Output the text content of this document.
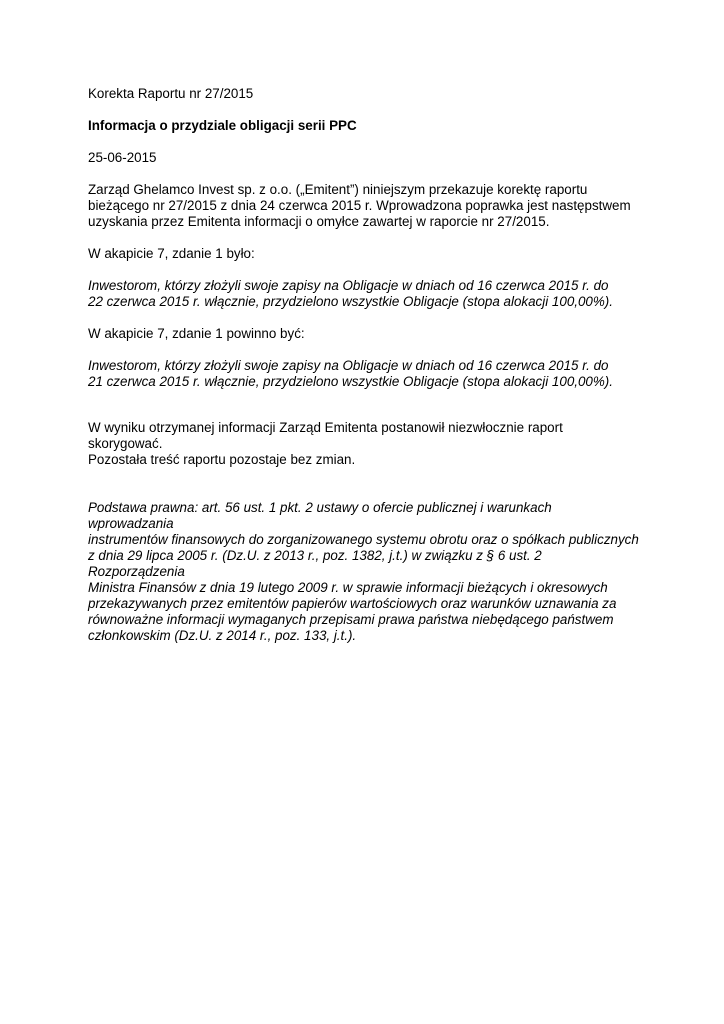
Korekta Raportu nr 27/2015

Informacja o przydziale obligacji serii PPC

25-06-2015

Zarząd Ghelamco Invest sp. z o.o. („Emitent”) niniejszym przekazuje korektę raportu
bieżącego nr 27/2015 z dnia 24 czerwca 2015 r. Wprowadzona poprawka jest następstwem
uzyskania przez Emitenta informacji o omyłce zawartej w raporcie nr 27/2015.

W akapicie 7, zdanie 1 było:

Inwestorom, którzy złożyli swoje zapisy na Obligacje w dniach od 16 czerwca 2015 r. do
22 czerwca 2015 r. włącznie, przydzielono wszystkie Obligacje (stopa alokacji 100,00%).

W akapicie 7, zdanie 1 powinno być:

Inwestorom, którzy złożyli swoje zapisy na Obligacje w dniach od 16 czerwca 2015 r. do
21 czerwca 2015 r. włącznie, przydzielono wszystkie Obligacje (stopa alokacji 100,00%).

W wyniku otrzymanej informacji Zarząd Emitenta postanowił niezwłocznie raport skorygować.
Pozostała treść raportu pozostaje bez zmian.

Podstawa prawna: art. 56 ust. 1 pkt. 2 ustawy o ofercie publicznej i warunkach wprowadzania
instrumentów finansowych do zorganizowanego systemu obrotu oraz o spółkach publicznych
z dnia 29 lipca 2005 r. (Dz.U. z 2013 r., poz. 1382, j.t.) w związku z § 6 ust. 2 Rozporządzenia
Ministra Finansów z dnia 19 lutego 2009 r. w sprawie informacji bieżących i okresowych
przekazywanych przez emitentów papierów wartościowych oraz warunków uznawania za
równoważne informacji wymaganych przepisami prawa państwa niebędącego państwem
członkowskim (Dz.U. z 2014 r., poz. 133, j.t.).
